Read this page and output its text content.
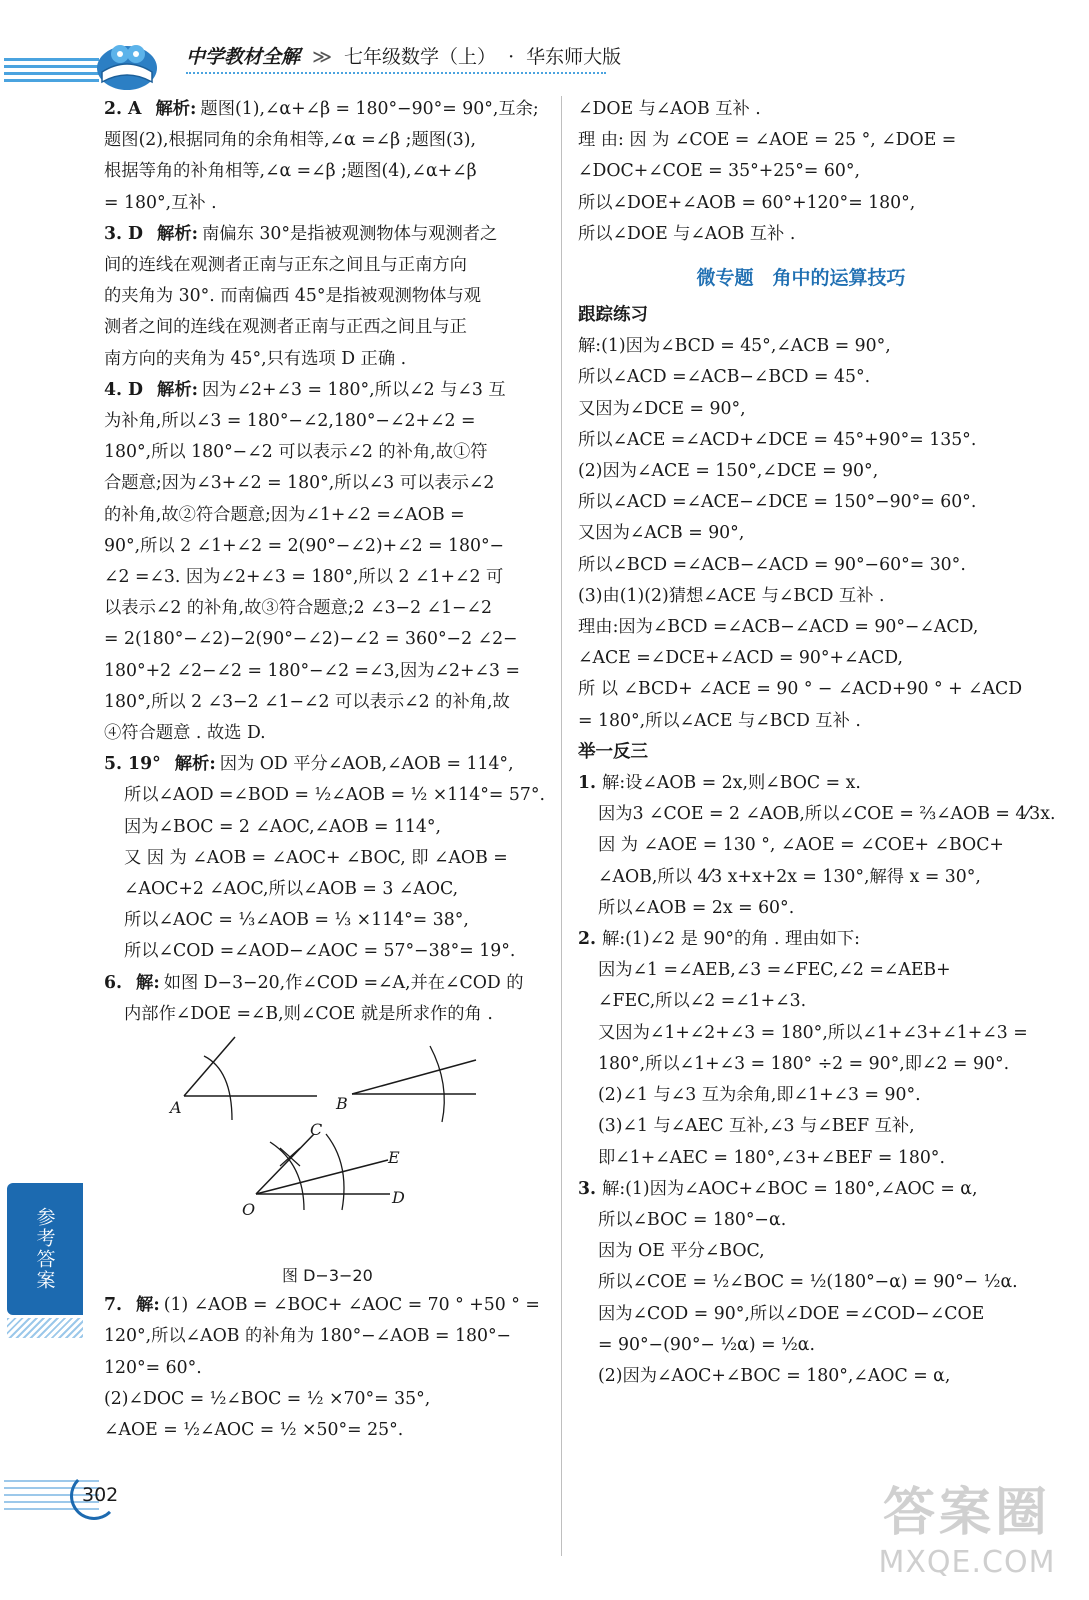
中学教材全解 ≫ 七年级数学（上） · 华东师大版
2. A 解析: 题图(1),∠α+∠β = 180°−90°= 90°,互余;
题图(2),根据同角的余角相等,∠α =∠β ;题图(3),
根据等角的补角相等,∠α =∠β ;题图(4),∠α+∠β
= 180°,互补 .
3. D 解析: 南偏东 30°是指被观测物体与观测者之
间的连线在观测者正南与正东之间且与正南方向
的夹角为 30°. 而南偏西 45°是指被观测物体与观
测者之间的连线在观测者正南与正西之间且与正
南方向的夹角为 45°,只有选项 D 正确 .
4. D 解析: 因为∠2+∠3 = 180°,所以∠2 与∠3 互
为补角,所以∠3 = 180°−∠2,180°−∠2+∠2 =
180°,所以 180°−∠2 可以表示∠2 的补角,故①符
合题意;因为∠3+∠2 = 180°,所以∠3 可以表示∠2
的补角,故②符合题意;因为∠1+∠2 =∠AOB =
90°,所以 2 ∠1+∠2 = 2(90°−∠2)+∠2 = 180°−
∠2 =∠3. 因为∠2+∠3 = 180°,所以 2 ∠1+∠2 可
以表示∠2 的补角,故③符合题意;2 ∠3−2 ∠1−∠2
= 2(180°−∠2)−2(90°−∠2)−∠2 = 360°−2 ∠2−
180°+2 ∠2−∠2 = 180°−∠2 =∠3,因为∠2+∠3 =
180°,所以 2 ∠3−2 ∠1−∠2 可以表示∠2 的补角,故
④符合题意 . 故选 D.
5. 19° 解析: 因为 OD 平分∠AOB,∠AOB = 114°,
所以∠AOD =∠BOD = ½∠AOB = ½ ×114°= 57°.
因为∠BOC = 2 ∠AOC,∠AOB = 114°,
又 因 为 ∠AOB = ∠AOC+ ∠BOC, 即 ∠AOB =
∠AOC+2 ∠AOC,所以∠AOB = 3 ∠AOC,
所以∠AOC = ⅓∠AOB = ⅓ ×114°= 38°,
所以∠COD =∠AOD−∠AOC = 57°−38°= 19°.
6. 解: 如图 D−3−20,作∠COD =∠A,并在∠COD 的
内部作∠DOE =∠B,则∠COE 就是所求作的角 .
A	B
C
E
O
D
图 D−3−20
7. 解: (1) ∠AOB = ∠BOC+ ∠AOC = 70 ° +50 ° =
120°,所以∠AOB 的补角为 180°−∠AOB = 180°−
120°= 60°.
(2)∠DOC = ½∠BOC = ½ ×70°= 35°,
∠AOE = ½∠AOC = ½ ×50°= 25°.
∠DOE 与∠AOB 互补 .
理 由: 因 为 ∠COE = ∠AOE = 25 °, ∠DOE =
∠DOC+∠COE = 35°+25°= 60°,
所以∠DOE+∠AOB = 60°+120°= 180°,
所以∠DOE 与∠AOB 互补 .
微专题　角中的运算技巧
跟踪练习
解:(1)因为∠BCD = 45°,∠ACB = 90°,
所以∠ACD =∠ACB−∠BCD = 45°.
又因为∠DCE = 90°,
所以∠ACE =∠ACD+∠DCE = 45°+90°= 135°.
(2)因为∠ACE = 150°,∠DCE = 90°,
所以∠ACD =∠ACE−∠DCE = 150°−90°= 60°.
又因为∠ACB = 90°,
所以∠BCD =∠ACB−∠ACD = 90°−60°= 30°.
(3)由(1)(2)猜想∠ACE 与∠BCD 互补 .
理由:因为∠BCD =∠ACB−∠ACD = 90°−∠ACD,
∠ACE =∠DCE+∠ACD = 90°+∠ACD,
所 以 ∠BCD+ ∠ACE = 90 ° − ∠ACD+90 ° + ∠ACD
= 180°,所以∠ACE 与∠BCD 互补 .
举一反三
1. 解:设∠AOB = 2x,则∠BOC = x.
因为3 ∠COE = 2 ∠AOB,所以∠COE = ⅔∠AOB = 4⁄3x.
因 为 ∠AOE = 130 °, ∠AOE = ∠COE+ ∠BOC+
∠AOB,所以 4⁄3 x+x+2x = 130°,解得 x = 30°,
所以∠AOB = 2x = 60°.
2. 解:(1)∠2 是 90°的角 . 理由如下:
因为∠1 =∠AEB,∠3 =∠FEC,∠2 =∠AEB+
∠FEC,所以∠2 =∠1+∠3.
又因为∠1+∠2+∠3 = 180°,所以∠1+∠3+∠1+∠3 =
180°,所以∠1+∠3 = 180° ÷2 = 90°,即∠2 = 90°.
(2)∠1 与∠3 互为余角,即∠1+∠3 = 90°.
(3)∠1 与∠AEC 互补,∠3 与∠BEF 互补,
即∠1+∠AEC = 180°,∠3+∠BEF = 180°.
3. 解:(1)因为∠AOC+∠BOC = 180°,∠AOC = α,
所以∠BOC = 180°−α.
因为 OE 平分∠BOC,
所以∠COE = ½∠BOC = ½(180°−α) = 90°− ½α.
因为∠COD = 90°,所以∠DOE =∠COD−∠COE
= 90°−(90°− ½α) = ½α.
(2)因为∠AOC+∠BOC = 180°,∠AOC = α,
参考答案
302	答案圈
MXQE.COM
